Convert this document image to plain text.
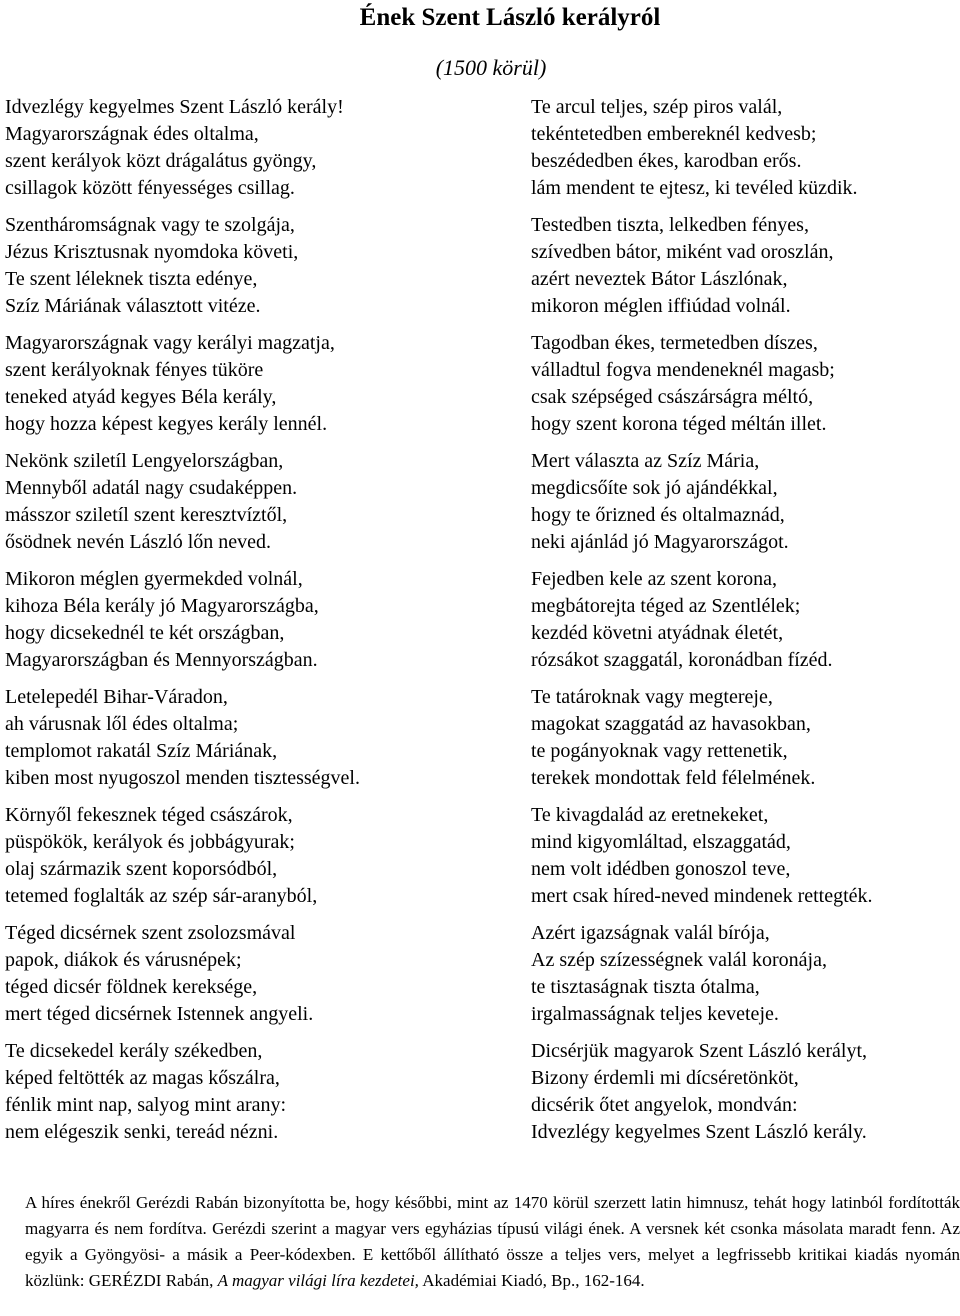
Ének Szent László kerályról
(1500 körül)
Idvezlégy kegyelmes Szent László kerály!
Magyarországnak édes oltalma,
szent kerályok közt drágalátus gyöngy,
csillagok között fényességes csillag.
Szentháromságnak vagy te szolgája,
Jézus Krisztusnak nyomdoka követi,
Te szent léleknek tiszta edénye,
Szíz Máriának választott vitéze.
Magyarországnak vagy kerályi magzatja,
szent kerályoknak fényes tüköre
teneked atyád kegyes Béla kerály,
hogy hozza képest kegyes kerály lennél.
Nekönk sziletíl Lengyelországban,
Mennyből adatál nagy csudaképpen.
másszor sziletíl szent keresztvíztől,
ősödnek nevén László lőn neved.
Mikoron méglen gyermekded volnál,
kihoza Béla kerály jó Magyarországba,
hogy dicsekednél te két országban,
Magyarországban és Mennyországban.
Letelepedél Bihar-Váradon,
ah várusnak lől édes oltalma;
templomot rakatál Szíz Máriának,
kiben most nyugoszol menden tisztességvel.
Környől fekesznek téged császárok,
püspökök, kerályok és jobbágyurak;
olaj származik szent koporsódból,
tetemed foglalták az szép sár-aranyból,
Téged dicsérnek szent zsolozsmával
papok, diákok és várusnépek;
téged dicsér földnek kereksége,
mert téged dicsérnek Istennek angyeli.
Te dicsekedel kerály székedben,
képed feltötték az magas kőszálra,
fénlik mint nap, salyog mint arany:
nem elégeszik senki, tereád nézni.
Te arcul teljes, szép piros valál,
tekéntetedben embereknél kedvesb;
beszédedben ékes, karodban erős.
lám mendent te ejtesz, ki tevéled küzdik.
Testedben tiszta, lelkedben fényes,
szívedben bátor, miként vad oroszlán,
azért neveztek Bátor Lászlónak,
mikoron méglen iffiúdad volnál.
Tagodban ékes, termetedben díszes,
válladtul fogva mendeneknél magasb;
csak szépséged császárságra méltó,
hogy szent korona téged méltán illet.
Mert választa az Szíz Mária,
megdicsőíte sok jó ajándékkal,
hogy te őrizned és oltalmaznád,
neki ajánlád jó Magyarországot.
Fejedben kele az szent korona,
megbátorejta téged az Szentlélek;
kezdéd követni atyádnak életét,
rózsákot szaggatál, koronádban fízéd.
Te tatároknak vagy megtereje,
magokat szaggatád az havasokban,
te pogányoknak vagy rettenetik,
terekek mondottak feld félelmének.
Te kivagdalád az eretnekeket,
mind kigyomláltad, elszaggatád,
nem volt idédben gonoszol teve,
mert csak híred-neved mindenek rettegték.
Azért igazságnak valál bírója,
Az szép szízességnek valál koronája,
te tisztaságnak tiszta ótalma,
irgalmasságnak teljes keveteje.
Dicsérjük magyarok Szent László kerályt,
Bizony érdemli mi dícséretönköt,
dicsérik őtet angyelok, mondván:
Idvezlégy kegyelmes Szent László kerály.
A híres énekről Gerézdi Rabán bizonyította be, hogy későbbi, mint az 1470 körül szerzett latin himnusz, tehát hogy latinból fordították magyarra és nem fordítva. Gerézdi szerint a magyar vers egyházias típusú világi ének. A versnek két csonka másolata maradt fenn. Az egyik a Gyöngyösi- a másik a Peer-kódexben. E kettőből állítható össze a teljes vers, melyet a legfrissebb kritikai kiadás nyomán közlünk: GERÉZDI Rabán, A magyar világi líra kezdetei, Akadémiai Kiadó, Bp., 162-164.
